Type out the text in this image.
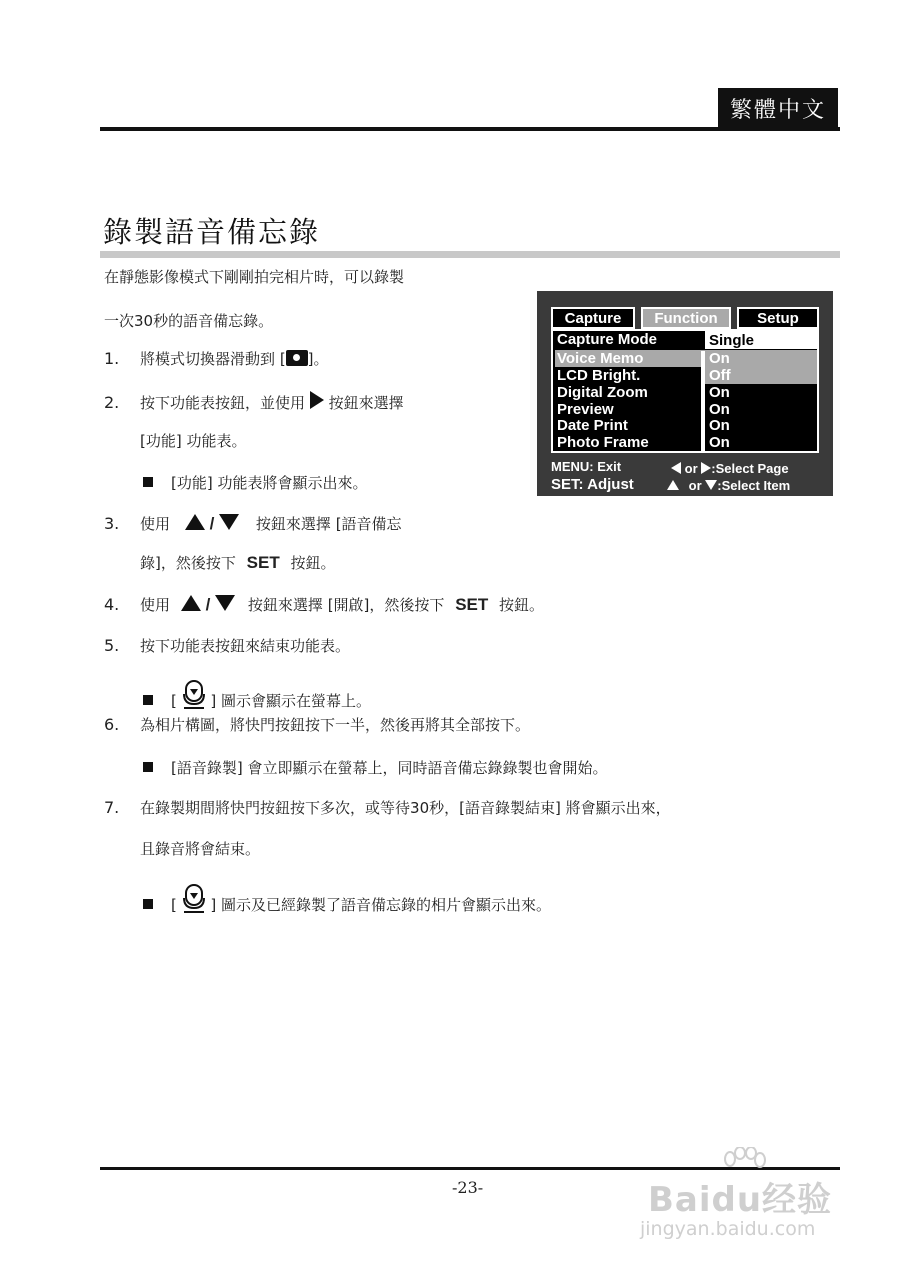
繁體中文
錄製語音備忘錄
在靜態影像模式下剛剛拍完相片時，可以錄製
一次30秒的語音備忘錄。
1. 將模式切換器滑動到 [ ]。
2. 按下功能表按鈕，並使用 按鈕來選擇
[功能] 功能表。
[功能] 功能表將會顯示出來。
3. 使用 /	按鈕來選擇 [語音備忘
錄]，然後按下 SET 按鈕。
4. 使用 /	按鈕來選擇 [開啟]，然後按下 SET 按鈕。
5. 按下功能表按鈕來結束功能表。
[ ] 圖示會顯示在螢幕上。
6. 為相片構圖，將快門按鈕按下一半，然後再將其全部按下。
[語音錄製] 會立即顯示在螢幕上，同時語音備忘錄錄製也會開始。
7. 在錄製期間將快門按鈕按下多次，或等待30秒，[語音錄製結束] 將會顯示出來，
且錄音將會結束。
[ ] 圖示及已經錄製了語音備忘錄的相片會顯示出來。
Capture	Function	Setup
Capture Mode	Single
Voice Memo	On
LCD Bright.	Off
Digital Zoom	On
Preview	On
Date Print	On
Photo Frame	On
MENU: Exit
SET: Adjust
or :Select Page
or :Select Item
-23-	Baidu经验
jingyan.baidu.com
